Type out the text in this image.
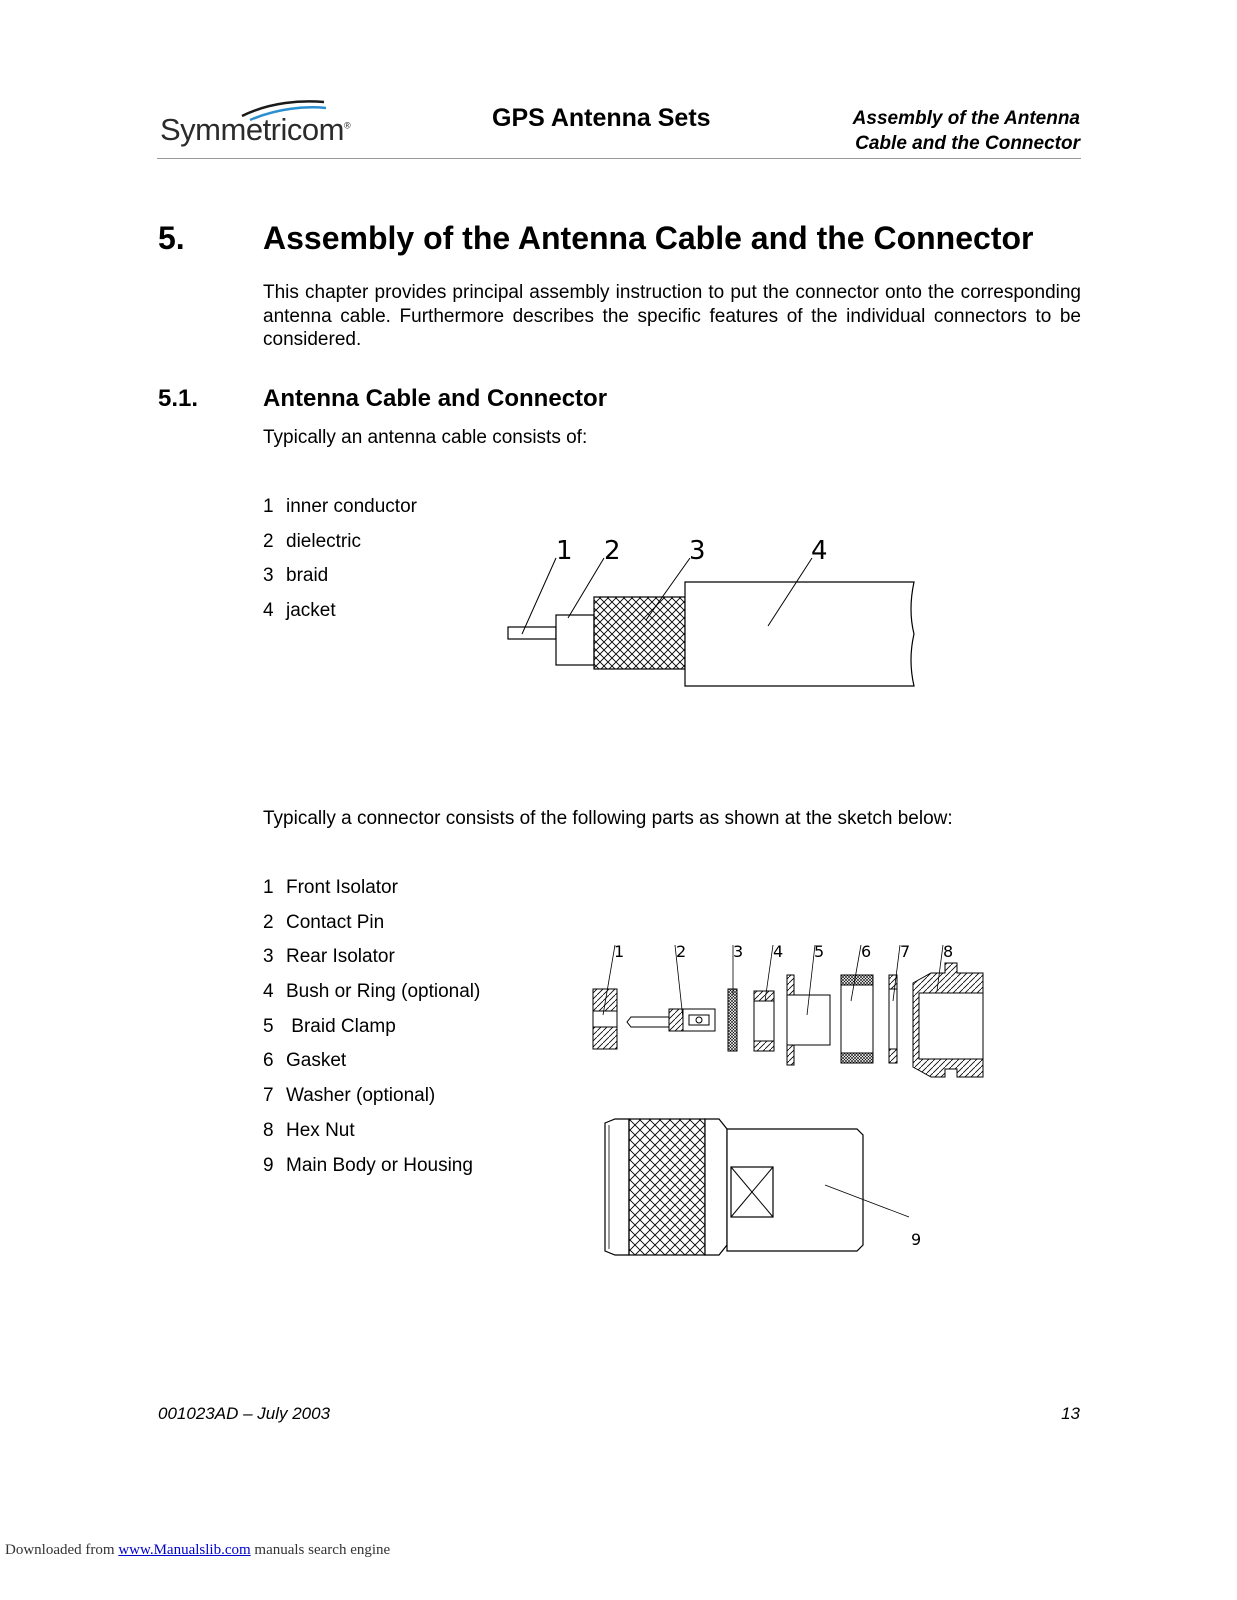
Symmetricom®	GPS Antenna Sets	Assembly of the Antenna
Cable and the Connector
5. Assembly of the Antenna Cable and the Connector
This chapter provides principal assembly instruction to put the connector onto the corresponding antenna cable. Furthermore describes the specific features of the individual connectors to be considered.
5.1.	Antenna Cable and Connector
Typically an antenna cable consists of:
1 inner conductor
2 dielectric
3 braid
4 jacket
1 2	3	4
Typically a connector consists of the following parts as shown at the sketch below:
1 Front Isolator
2 Contact Pin
3 Rear Isolator
4 Bush or Ring (optional)
5 Braid Clamp
6 Gasket
7 Washer (optional)
8 Hex Nut
9 Main Body or Housing
1	2	3 4 5 6 7 8
9
001023AD – July 2003	13
Downloaded from www.Manualslib.com manuals search engine
